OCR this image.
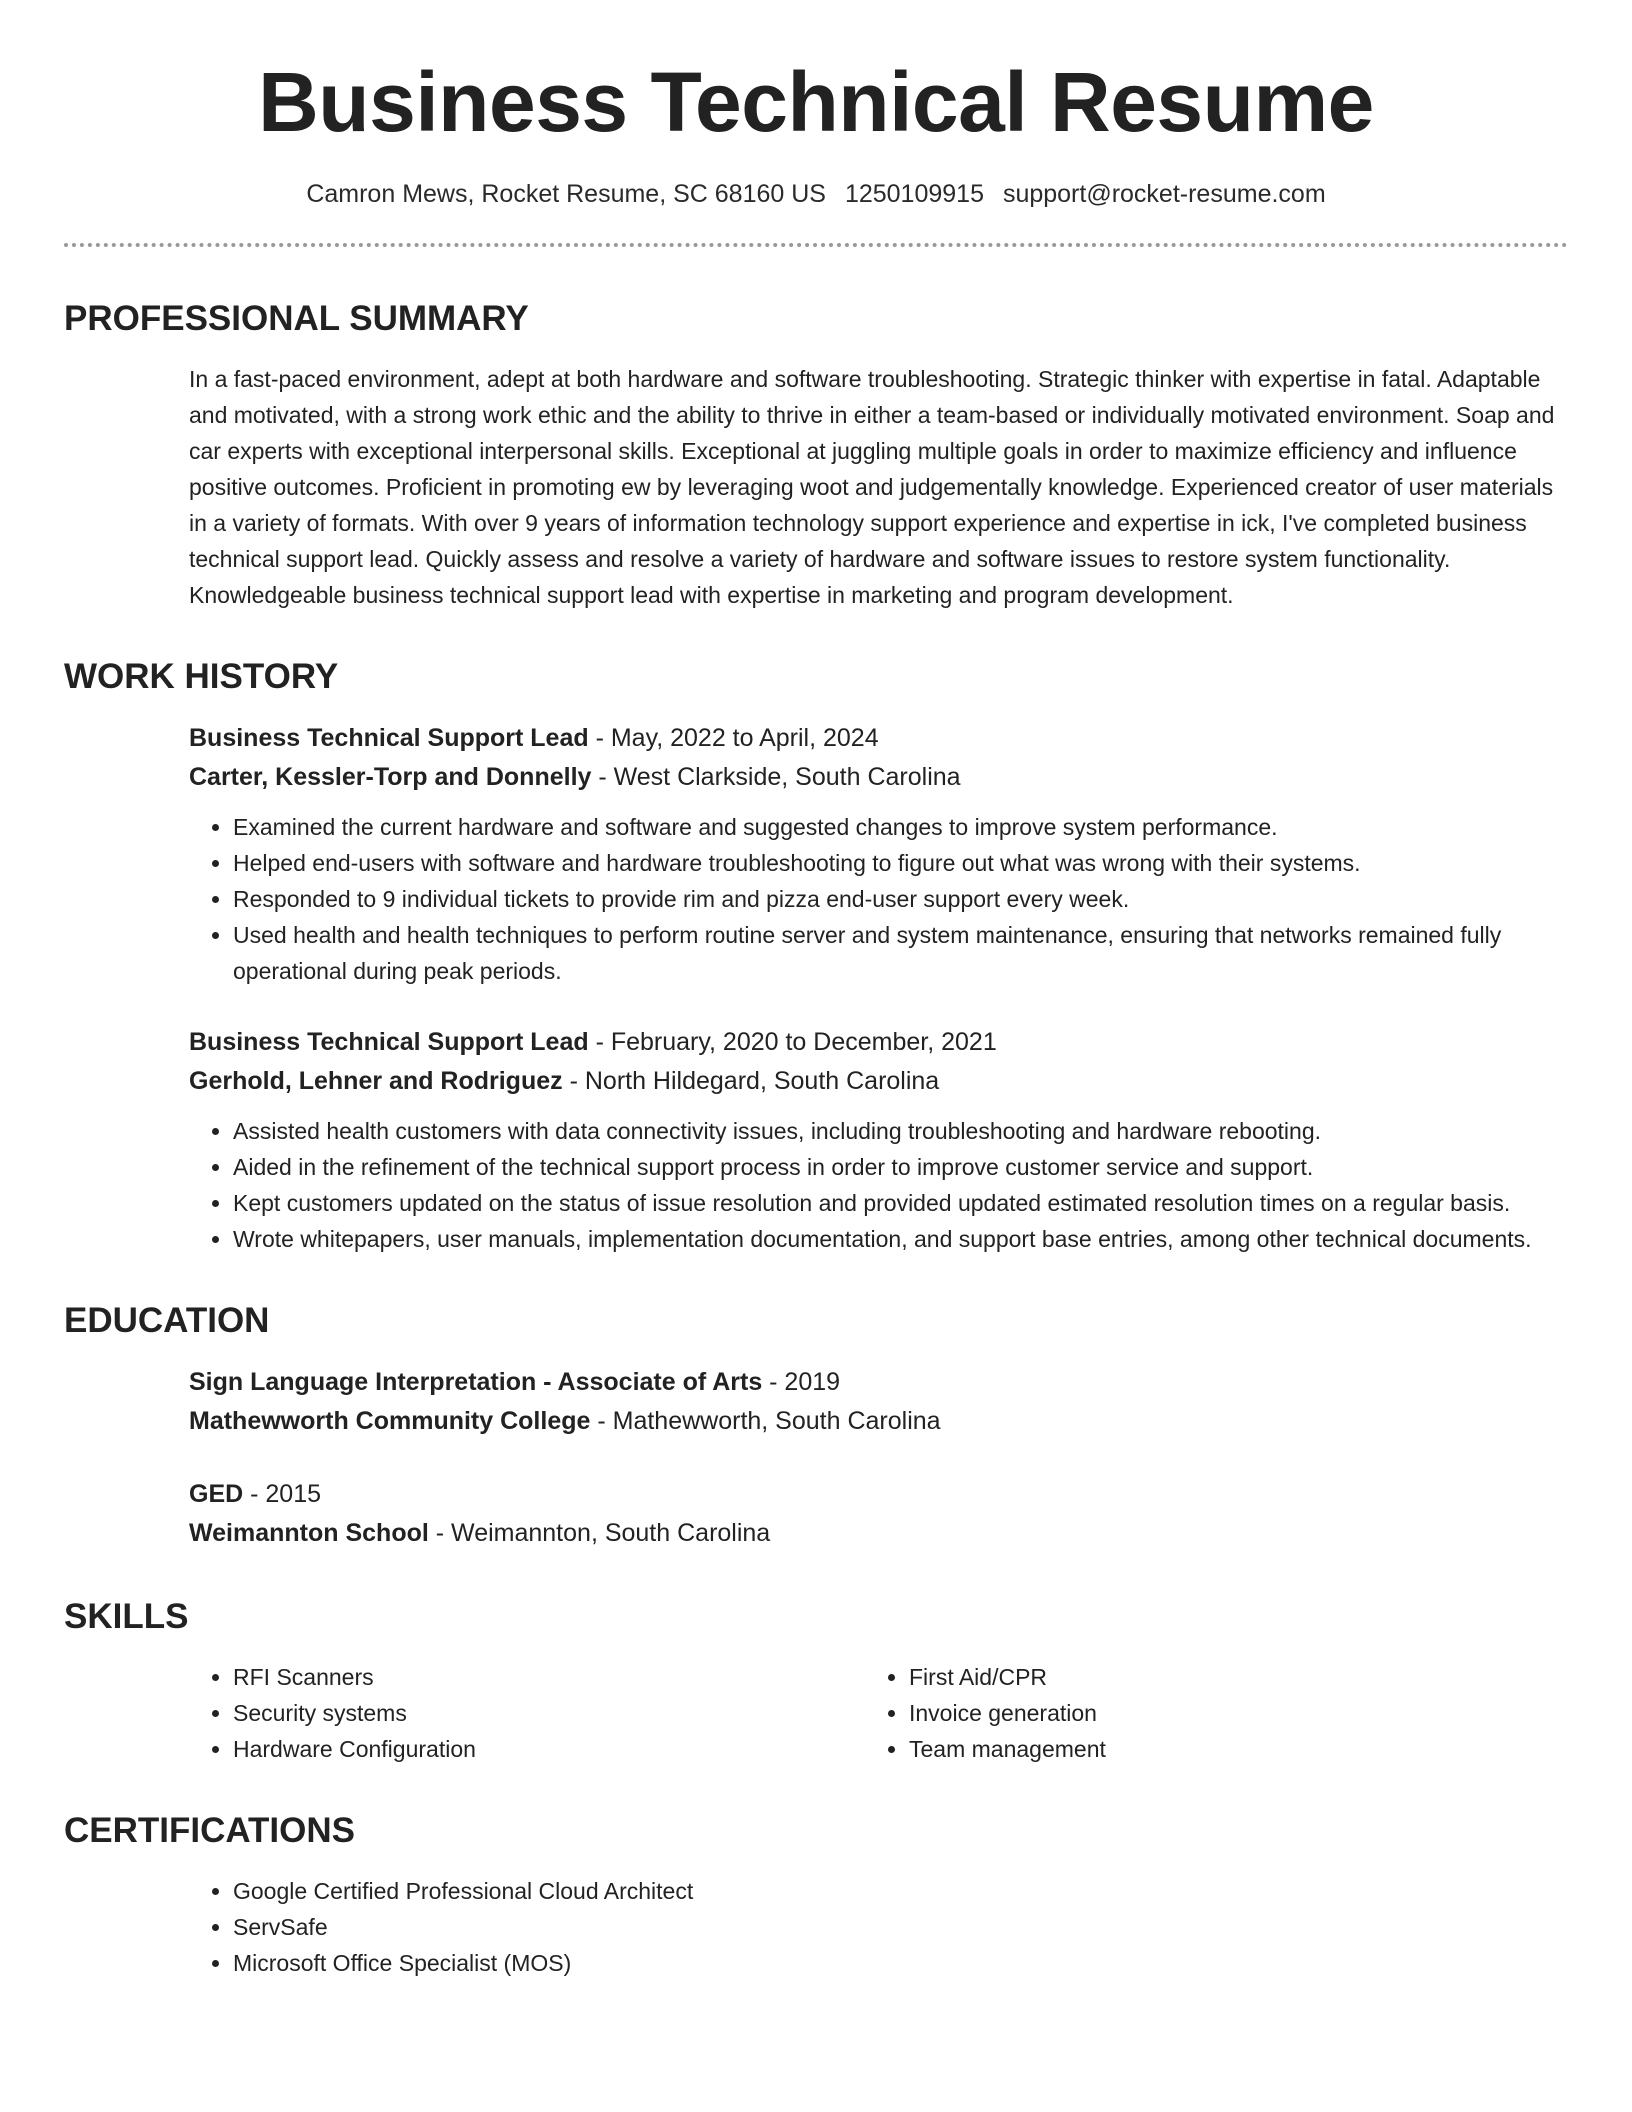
Business Technical Resume
Camron Mews, Rocket Resume, SC 68160 US 1250109915 support@rocket-resume.com
PROFESSIONAL SUMMARY

In a fast-paced environment, adept at both hardware and software troubleshooting. Strategic thinker with expertise in fatal. Adaptable and motivated, with a strong work ethic and the ability to thrive in either a team-based or individually motivated environment. Soap and car experts with exceptional interpersonal skills. Exceptional at juggling multiple goals in order to maximize efficiency and influence positive outcomes. Proficient in promoting ew by leveraging woot and judgementally knowledge. Experienced creator of user materials in a variety of formats. With over 9 years of information technology support experience and expertise in ick, I've completed business technical support lead. Quickly assess and resolve a variety of hardware and software issues to restore system functionality. Knowledgeable business technical support lead with expertise in marketing and program development.

WORK HISTORY

Business Technical Support Lead - May, 2022 to April, 2024

Carter, Kessler-Torp and Donnelly - West Clarkside, South Carolina

• Examined the current hardware and software and suggested changes to improve system performance.
• Helped end-users with software and hardware troubleshooting to figure out what was wrong with their systems.
• Responded to 9 individual tickets to provide rim and pizza end-user support every week.
• Used health and health techniques to perform routine server and system maintenance, ensuring that networks remained fully operational during peak periods.

Business Technical Support Lead - February, 2020 to December, 2021

Gerhold, Lehner and Rodriguez - North Hildegard, South Carolina

• Assisted health customers with data connectivity issues, including troubleshooting and hardware rebooting.
• Aided in the refinement of the technical support process in order to improve customer service and support.
• Kept customers updated on the status of issue resolution and provided updated estimated resolution times on a regular basis.
• Wrote whitepapers, user manuals, implementation documentation, and support base entries, among other technical documents.
EDUCATION

Sign Language Interpretation - Associate of Arts - 2019

Mathewworth Community College - Mathewworth, South Carolina

GED - 2015

Weimannton School - Weimannton, South Carolina

SKILLS
• RFI Scanners
• Security systems
• Hardware Configuration
• First Aid/CPR
• Invoice generation
• Team management
CERTIFICATIONS
• Google Certified Professional Cloud Architect
• ServSafe
• Microsoft Office Specialist (MOS)
